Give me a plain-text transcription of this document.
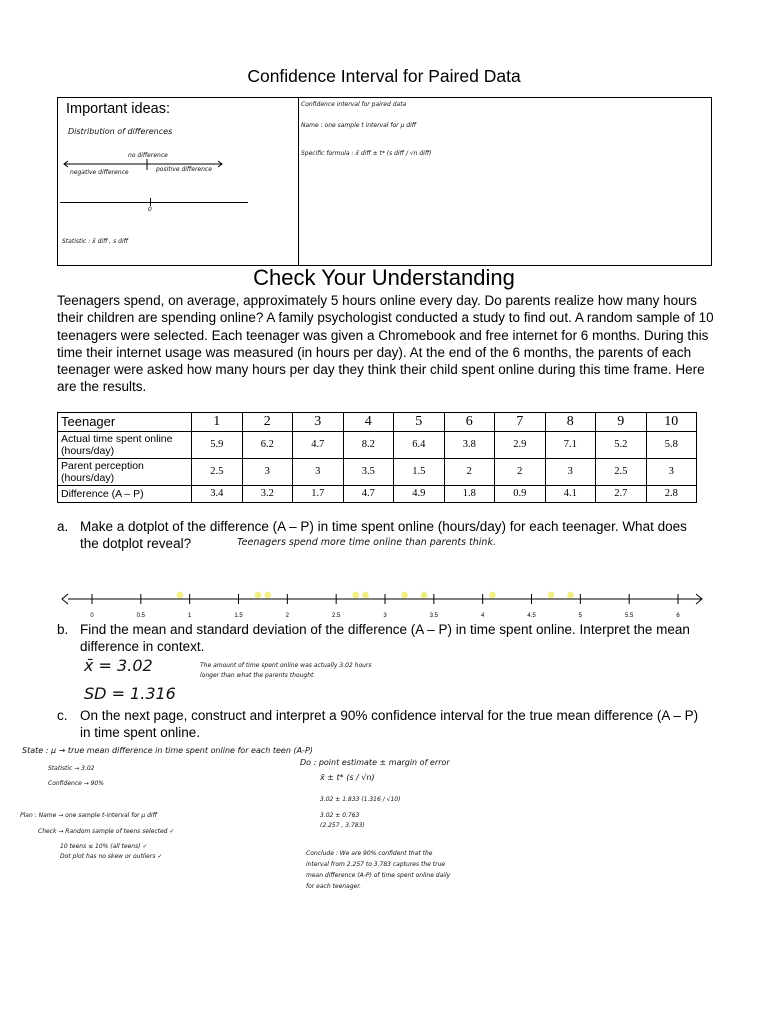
Confidence Interval for Paired Data
Important ideas:
Distribution of differences
no difference
negative difference	positive difference
0
Statistic : x̄ diff , s diff
Confidence interval for paired data
Name : one sample t interval for μ diff
Specific formula : x̄ diff ± t* (s diff / √n diff)
Check Your Understanding
Teenagers spend, on average, approximately 5 hours online every day. Do parents realize how many hours their children are spending online? A family psychologist conducted a study to find out. A random sample of 10 teenagers were selected. Each teenager was given a Chromebook and free internet for 6 months. During this time their internet usage was measured (in hours per day). At the end of the 6 months, the parents of each teenager were asked how many hours per day they think their child spent online during this time frame. Here are the results.
Teenager	1	2	3	4	5	6	7	8	9	10
Actual time spent online (hours/day)	5.9	6.2	4.7	8.2	6.4	3.8	2.9	7.1	5.2	5.8
Parent perception (hours/day)	2.5	3	3	3.5	1.5	2	2	3	2.5	3
Difference (A – P)	3.4	3.2	1.7	4.7	4.9	1.8	0.9	4.1	2.7	2.8
a. Make a dotplot of the difference (A – P) in time spent online (hours/day) for each teenager. What does the dotplot reveal?	Teenagers spend more time online than parents think.
0	0.5	1	1.5	2	2.5	3	3.5	4	4.5	5	5.5	6
b. Find the mean and standard deviation of the difference (A – P) in time spent online. Interpret the mean difference in context.
x̄ = 3.02
SD = 1.316
The amount of time spent online was actually 3.02 hours longer than what the parents thought.
c. On the next page, construct and interpret a 90% confidence interval for the true mean difference (A – P) in time spent online.
State : μ → true mean difference in time spent online for each teen (A-P)
Statistic → 3.02
Confidence → 90%
Plan : Name → one sample t-interval for μ diff
Check → Random sample of teens selected ✓
10 teens ≤ 10% (all teens) ✓
Dot plot has no skew or outliers ✓
Do : point estimate ± margin of error
x̄ ± t* (s / √n)
3.02 ± 1.833 (1.316 / √10)
3.02 ± 0.763
(2.257 , 3.783)
Conclude : We are 90% confident that the interval from 2.257 to 3.783 captures the true mean difference (A-P) of time spent online daily for each teenager.
